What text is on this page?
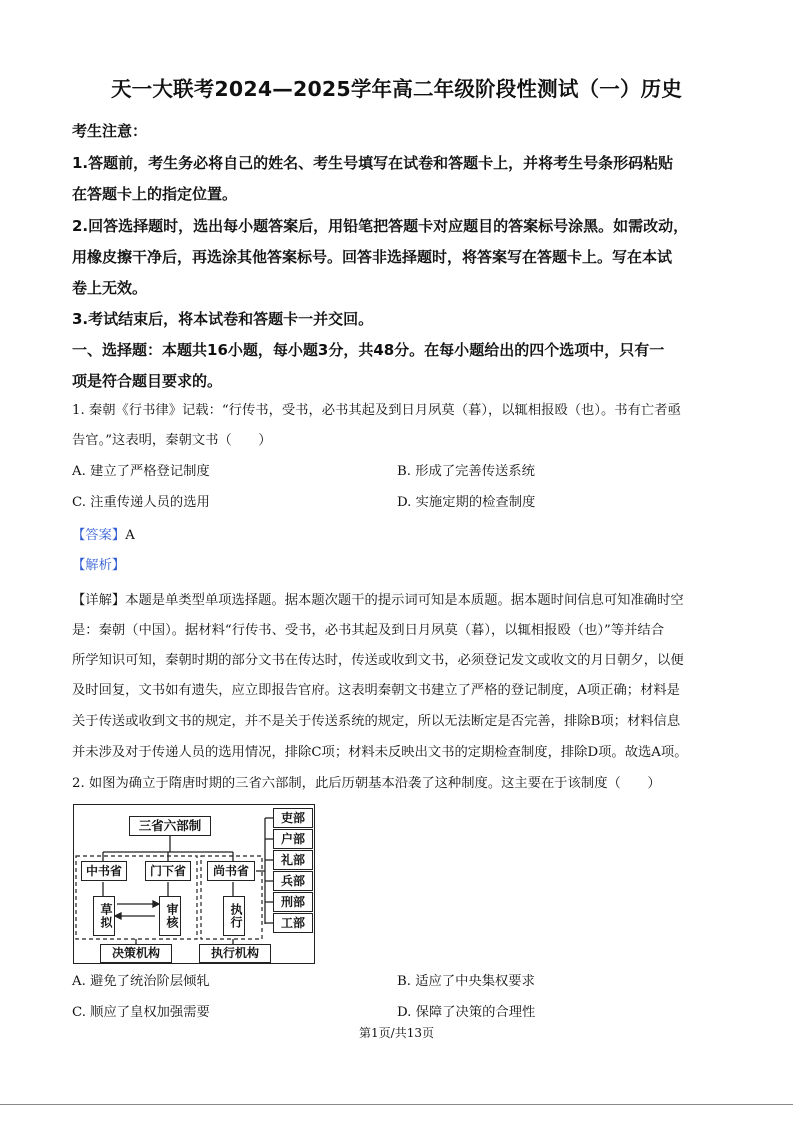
天一大联考2024—2025学年高二年级阶段性测试（一）历史
考生注意：
1.答题前，考生务必将自己的姓名、考生号填写在试卷和答题卡上，并将考生号条形码粘贴
在答题卡上的指定位置。
2.回答选择题时，选出每小题答案后，用铅笔把答题卡对应题目的答案标号涂黑。如需改动，
用橡皮擦干净后，再选涂其他答案标号。回答非选择题时，将答案写在答题卡上。写在本试
卷上无效。
3.考试结束后，将本试卷和答题卡一并交回。
一、选择题：本题共16小题，每小题3分，共48分。在每小题给出的四个选项中，只有一
项是符合题目要求的。
1. 秦朝《行书律》记载：“行传书，受书，必书其起及到日月夙莫（暮），以辄相报殴（也）。书有亡者亟
告官。”这表明，秦朝文书（　　）
A. 建立了严格登记制度	B. 形成了完善传送系统
C. 注重传递人员的选用	D. 实施定期的检查制度
【答案】A
【解析】
【详解】本题是单类型单项选择题。据本题次题干的提示词可知是本质题。据本题时间信息可知准确时空
是：秦朝（中国）。据材料“行传书、受书，必书其起及到日月夙莫（暮），以辄相报殴（也）”等并结合
所学知识可知，秦朝时期的部分文书在传达时，传送或收到文书，必须登记发文或收文的月日朝夕，以便
及时回复，文书如有遗失，应立即报告官府。这表明秦朝文书建立了严格的登记制度，A项正确；材料是
关于传送或收到文书的规定，并不是关于传送系统的规定，所以无法断定是否完善，排除B项；材料信息
并未涉及对于传递人员的选用情况，排除C项；材料未反映出文书的定期检查制度，排除D项。故选A项。
2. 如图为确立于隋唐时期的三省六部制，此后历朝基本沿袭了这种制度。这主要在于该制度（　　）
三省六部制
中书省	门下省	尚书省
草拟	审核	执行
决策机构	执行机构
吏部
户部
礼部
兵部
刑部
工部
A. 避免了统治阶层倾轧	B. 适应了中央集权要求
C. 顺应了皇权加强需要	D. 保障了决策的合理性
第1页/共13页
